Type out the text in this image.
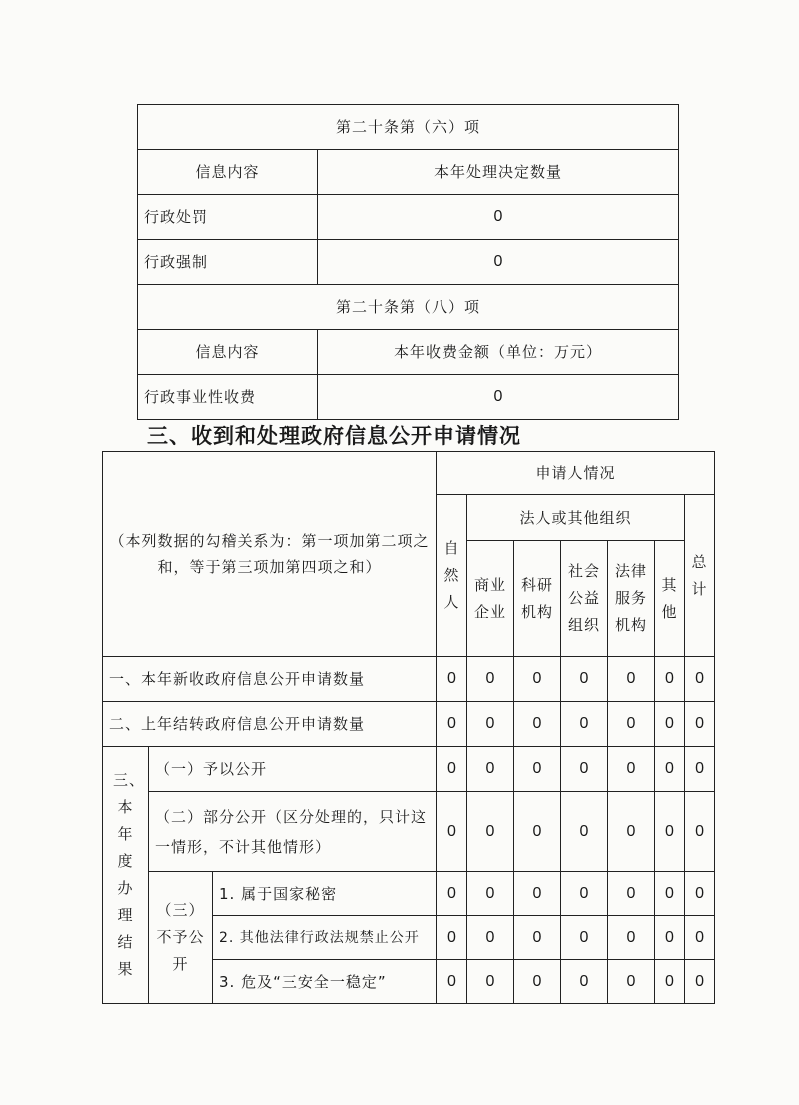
第二十条第（六）项	
信息内容	本年处理决定数量
行政处罚	0
行政强制	0
第二十条第（八）项	
信息内容	本年收费金额（单位：万元）
行政事业性收费	0
三、收到和处理政府信息公开申请情况
（本列数据的勾稽关系为：第一项加第二项之和，等于第三项加第四项之和）			申请人情况						
			自然人	法人或其他组织					总计
				商业企业	科研机构	社会公益组织	法律服务机构	其他	
一、本年新收政府信息公开申请数量			0	0	0	0	0	0	0
二、上年结转政府信息公开申请数量			0	0	0	0	0	0	0
三、本年度办理结果	（一）予以公开		0	0	0	0	0	0	0
	（二）部分公开（区分处理的，只计这一情形，不计其他情形）		0	0	0	0	0	0	0
	（三）不予公开	1. 属于国家秘密	0	0	0	0	0	0	0
		2. 其他法律行政法规禁止公开	0	0	0	0	0	0	0
		3. 危及“三安全一稳定”	0	0	0	0	0	0	0
